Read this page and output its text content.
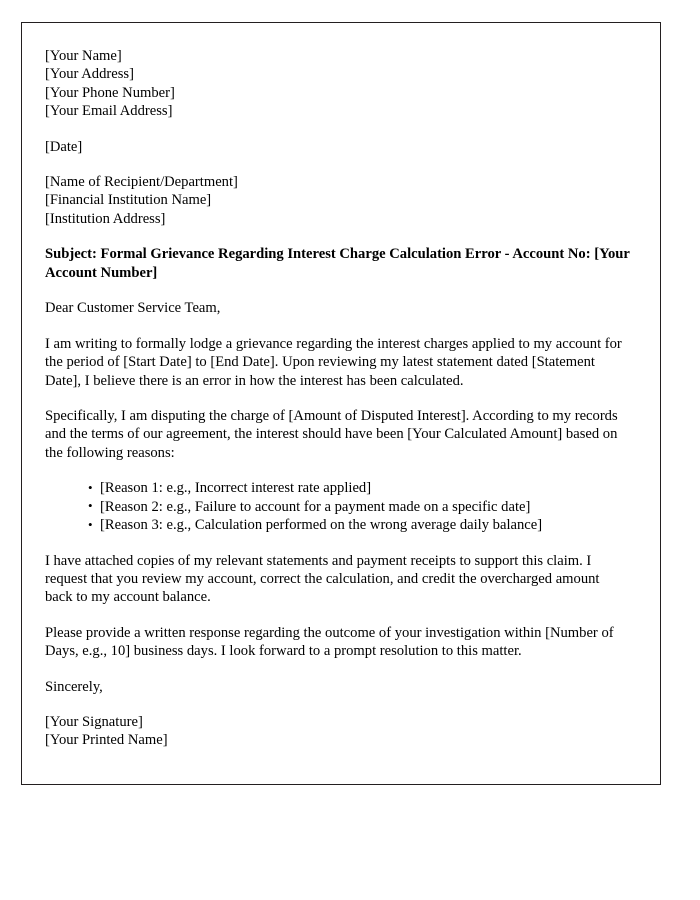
[Your Name]
[Your Address]
[Your Phone Number]
[Your Email Address]
[Date]
[Name of Recipient/Department]
[Financial Institution Name]
[Institution Address]
Subject: Formal Grievance Regarding Interest Charge Calculation Error - Account No: [Your Account Number]
Dear Customer Service Team,

I am writing to formally lodge a grievance regarding the interest charges applied to my account for the period of [Start Date] to [End Date]. Upon reviewing my latest statement dated [Statement Date], I believe there is an error in how the interest has been calculated.

Specifically, I am disputing the charge of [Amount of Disputed Interest]. According to my records and the terms of our agreement, the interest should have been [Your Calculated Amount] based on the following reasons:

• [Reason 1: e.g., Incorrect interest rate applied]
• [Reason 2: e.g., Failure to account for a payment made on a specific date]
• [Reason 3: e.g., Calculation performed on the wrong average daily balance]

I have attached copies of my relevant statements and payment receipts to support this claim. I request that you review my account, correct the calculation, and credit the overcharged amount back to my account balance.

Please provide a written response regarding the outcome of your investigation within [Number of Days, e.g., 10] business days. I look forward to a prompt resolution to this matter.

Sincerely,
[Your Signature]
[Your Printed Name]
